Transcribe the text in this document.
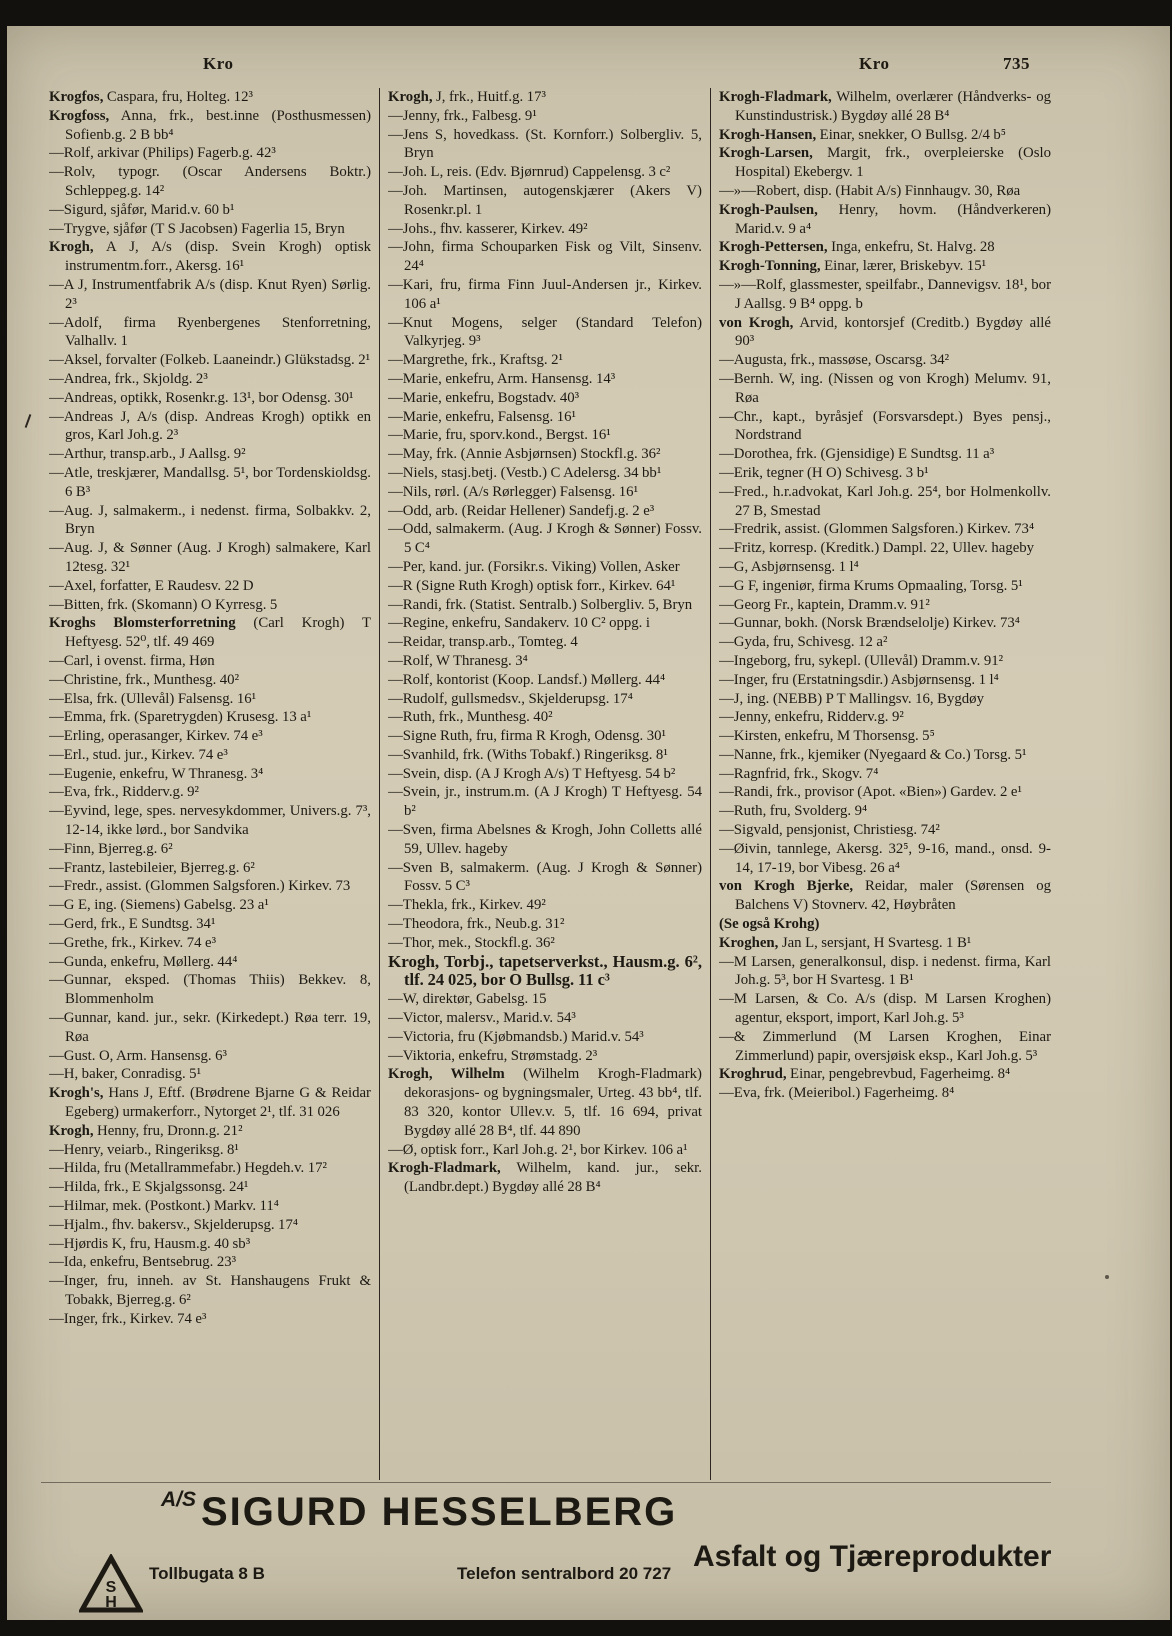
Kro	Kro	735

Krogfos, Caspara, fru, Holteg. 12³

Krogfoss, Anna, frk., best.inne (Posthusmessen) Sofienb.g. 2 B bb⁴

—Rolf, arkivar (Philips) Fagerb.g. 42³

—Rolv, typogr. (Oscar Andersens Boktr.) Schleppeg.g. 14²

—Sigurd, sjåfør, Marid.v. 60 b¹

—Trygve, sjåfør (T S Jacobsen) Fagerlia 15, Bryn

Krogh, A J, A/s (disp. Svein Krogh) optisk instrumentm.forr., Akersg. 16¹

—A J, Instrumentfabrik A/s (disp. Knut Ryen) Sørlig. 2³

—Adolf, firma Ryenbergenes Stenforretning, Valhallv. 1

—Aksel, forvalter (Folkeb. Laaneindr.) Glükstadsg. 2¹

—Andrea, frk., Skjoldg. 2³

—Andreas, optikk, Rosenkr.g. 13¹, bor Odensg. 30¹

—Andreas J, A/s (disp. Andreas Krogh) optikk en gros, Karl Joh.g. 2³

—Arthur, transp.arb., J Aallsg. 9²

—Atle, treskjærer, Mandallsg. 5¹, bor Tordenskioldsg. 6 B³

—Aug. J, salmakerm., i nedenst. firma, Solbakkv. 2, Bryn

—Aug. J, & Sønner (Aug. J Krogh) salmakere, Karl 12tesg. 32¹

—Axel, forfatter, E Raudesv. 22 D

—Bitten, frk. (Skomann) O Kyrresg. 5

Kroghs Blomsterforretning (Carl Krogh) T Heftyesg. 52⁰, tlf. 49 469

—Carl, i ovenst. firma, Høn

—Christine, frk., Munthesg. 40²

—Elsa, frk. (Ullevål) Falsensg. 16¹

—Emma, frk. (Sparetrygden) Krusesg. 13 a¹

—Erling, operasanger, Kirkev. 74 e³

—Erl., stud. jur., Kirkev. 74 e³

—Eugenie, enkefru, W Thranesg. 3⁴

—Eva, frk., Ridderv.g. 9²

—Eyvind, lege, spes. nervesykdommer, Univers.g. 7³, 12-14, ikke lørd., bor Sandvika

—Finn, Bjerreg.g. 6²

—Frantz, lastebileier, Bjerreg.g. 6²

—Fredr., assist. (Glommen Salgsforen.) Kirkev. 73

—G E, ing. (Siemens) Gabelsg. 23 a¹

—Gerd, frk., E Sundtsg. 34¹

—Grethe, frk., Kirkev. 74 e³

—Gunda, enkefru, Møllerg. 44⁴

—Gunnar, eksped. (Thomas Thiis) Bekkev. 8, Blommenholm

—Gunnar, kand. jur., sekr. (Kirkedept.) Røa terr. 19, Røa

—Gust. O, Arm. Hansensg. 6³

—H, baker, Conradisg. 5¹

Krogh's, Hans J, Eftf. (Brødrene Bjarne G & Reidar Egeberg) urmakerforr., Nytorget 2¹, tlf. 31 026

Krogh, Henny, fru, Dronn.g. 21²

—Henry, veiarb., Ringeriksg. 8¹

—Hilda, fru (Metallrammefabr.) Hegdeh.v. 17²

—Hilda, frk., E Skjalgssonsg. 24¹

—Hilmar, mek. (Postkont.) Markv. 11⁴

—Hjalm., fhv. bakersv., Skjelderupsg. 17⁴

—Hjørdis K, fru, Hausm.g. 40 sb³

—Ida, enkefru, Bentsebrug. 23³

—Inger, fru, inneh. av St. Hanshaugens Frukt & Tobakk, Bjerreg.g. 6²

—Inger, frk., Kirkev. 74 e³

Krogh, J, frk., Huitf.g. 17³

—Jenny, frk., Falbesg. 9¹

—Jens S, hovedkass. (St. Kornforr.) Solbergliv. 5, Bryn

—Joh. L, reis. (Edv. Bjørnrud) Cappelensg. 3 c²

—Joh. Martinsen, autogenskjærer (Akers V) Rosenkr.pl. 1

—Johs., fhv. kasserer, Kirkev. 49²

—John, firma Schouparken Fisk og Vilt, Sinsenv. 24⁴

—Kari, fru, firma Finn Juul-Andersen jr., Kirkev. 106 a¹

—Knut Mogens, selger (Standard Telefon) Valkyrjeg. 9³

—Margrethe, frk., Kraftsg. 2¹

—Marie, enkefru, Arm. Hansensg. 14³

—Marie, enkefru, Bogstadv. 40³

—Marie, enkefru, Falsensg. 16¹

—Marie, fru, sporv.kond., Bergst. 16¹

—May, frk. (Annie Asbjørnsen) Stockfl.g. 36²

—Niels, stasj.betj. (Vestb.) C Adelersg. 34 bb¹

—Nils, rørl. (A/s Rørlegger) Falsensg. 16¹

—Odd, arb. (Reidar Hellener) Sandefj.g. 2 e³

—Odd, salmakerm. (Aug. J Krogh & Sønner) Fossv. 5 C⁴

—Per, kand. jur. (Forsikr.s. Viking) Vollen, Asker

—R (Signe Ruth Krogh) optisk forr., Kirkev. 64¹

—Randi, frk. (Statist. Sentralb.) Solbergliv. 5, Bryn

—Regine, enkefru, Sandakerv. 10 C² oppg. i

—Reidar, transp.arb., Tomteg. 4

—Rolf, W Thranesg. 3⁴

—Rolf, kontorist (Koop. Landsf.) Møllerg. 44⁴

—Rudolf, gullsmedsv., Skjelderupsg. 17⁴

—Ruth, frk., Munthesg. 40²

—Signe Ruth, fru, firma R Krogh, Odensg. 30¹

—Svanhild, frk. (Withs Tobakf.) Ringeriksg. 8¹

—Svein, disp. (A J Krogh A/s) T Heftyesg. 54 b²

—Svein, jr., instrum.m. (A J Krogh) T Heftyesg. 54 b²

—Sven, firma Abelsnes & Krogh, John Colletts allé 59, Ullev. hageby

—Sven B, salmakerm. (Aug. J Krogh & Sønner) Fossv. 5 C³

—Thekla, frk., Kirkev. 49²

—Theodora, frk., Neub.g. 31²

—Thor, mek., Stockfl.g. 36²

Krogh, Torbj., tapetserverkst., Hausm.g. 6², tlf. 24 025, bor O Bullsg. 11 c³

—W, direktør, Gabelsg. 15

—Victor, malersv., Marid.v. 54³

—Victoria, fru (Kjøbmandsb.) Marid.v. 54³

—Viktoria, enkefru, Strømstadg. 2³

Krogh, Wilhelm (Wilhelm Krogh-Fladmark) dekorasjons- og bygningsmaler, Urteg. 43 bb⁴, tlf. 83 320, kontor Ullev.v. 5, tlf. 16 694, privat Bygdøy allé 28 B⁴, tlf. 44 890

—Ø, optisk forr., Karl Joh.g. 2¹, bor Kirkev. 106 a¹

Krogh-Fladmark, Wilhelm, kand. jur., sekr. (Landbr.dept.) Bygdøy allé 28 B⁴

Krogh-Fladmark, Wilhelm, overlærer (Håndverks- og Kunstindustrisk.) Bygdøy allé 28 B⁴

Krogh-Hansen, Einar, snekker, O Bullsg. 2/4 b⁵

Krogh-Larsen, Margit, frk., overpleierske (Oslo Hospital) Ekebergv. 1

—»—Robert, disp. (Habit A/s) Finnhaugv. 30, Røa

Krogh-Paulsen, Henry, hovm. (Håndverkeren) Marid.v. 9 a⁴

Krogh-Pettersen, Inga, enkefru, St. Halvg. 28

Krogh-Tonning, Einar, lærer, Briskebyv. 15¹

—»—Rolf, glassmester, speilfabr., Dannevigsv. 18¹, bor J Aallsg. 9 B⁴ oppg. b

von Krogh, Arvid, kontorsjef (Creditb.) Bygdøy allé 90³

—Augusta, frk., massøse, Oscarsg. 34²

—Bernh. W, ing. (Nissen og von Krogh) Melumv. 91, Røa

—Chr., kapt., byråsjef (Forsvarsdept.) Byes pensj., Nordstrand

—Dorothea, frk. (Gjensidige) E Sundtsg. 11 a³

—Erik, tegner (H O) Schivesg. 3 b¹

—Fred., h.r.advokat, Karl Joh.g. 25⁴, bor Holmenkollv. 27 B, Smestad

—Fredrik, assist. (Glommen Salgsforen.) Kirkev. 73⁴

—Fritz, korresp. (Kreditk.) Dampl. 22, Ullev. hageby

—G, Asbjørnsensg. 1 l⁴

—G F, ingeniør, firma Krums Opmaaling, Torsg. 5¹

—Georg Fr., kaptein, Dramm.v. 91²

—Gunnar, bokh. (Norsk Brændselolje) Kirkev. 73⁴

—Gyda, fru, Schivesg. 12 a²

—Ingeborg, fru, sykepl. (Ullevål) Dramm.v. 91²

—Inger, fru (Erstatningsdir.) Asbjørnsensg. 1 l⁴

—J, ing. (NEBB) P T Mallingsv. 16, Bygdøy

—Jenny, enkefru, Ridderv.g. 9²

—Kirsten, enkefru, M Thorsensg. 5⁵

—Nanne, frk., kjemiker (Nyegaard & Co.) Torsg. 5¹

—Ragnfrid, frk., Skogv. 7⁴

—Randi, frk., provisor (Apot. «Bien») Gardev. 2 e¹

—Ruth, fru, Svolderg. 9⁴

—Sigvald, pensjonist, Christiesg. 74²

—Øivin, tannlege, Akersg. 32⁵, 9-16, mand., onsd. 9-14, 17-19, bor Vibesg. 26 a⁴

von Krogh Bjerke, Reidar, maler (Sørensen og Balchens V) Stovnerv. 42, Høybråten

(Se også Krohg)

Kroghen, Jan L, sersjant, H Svartesg. 1 B¹

—M Larsen, generalkonsul, disp. i nedenst. firma, Karl Joh.g. 5³, bor H Svartesg. 1 B¹

—M Larsen, & Co. A/s (disp. M Larsen Kroghen) agentur, eksport, import, Karl Joh.g. 5³

—& Zimmerlund (M Larsen Kroghen, Einar Zimmerlund) papir, oversjøisk eksp., Karl Joh.g. 5³

Kroghrud, Einar, pengebrevbud, Fagerheimg. 8⁴

—Eva, frk. (Meieribol.) Fagerheimg. 8⁴

A/S
S
H
SIGURD HESSELBERG
Tollbugata 8 B	Telefon sentralbord 20 727
Asfalt og Tjæreprodukter
